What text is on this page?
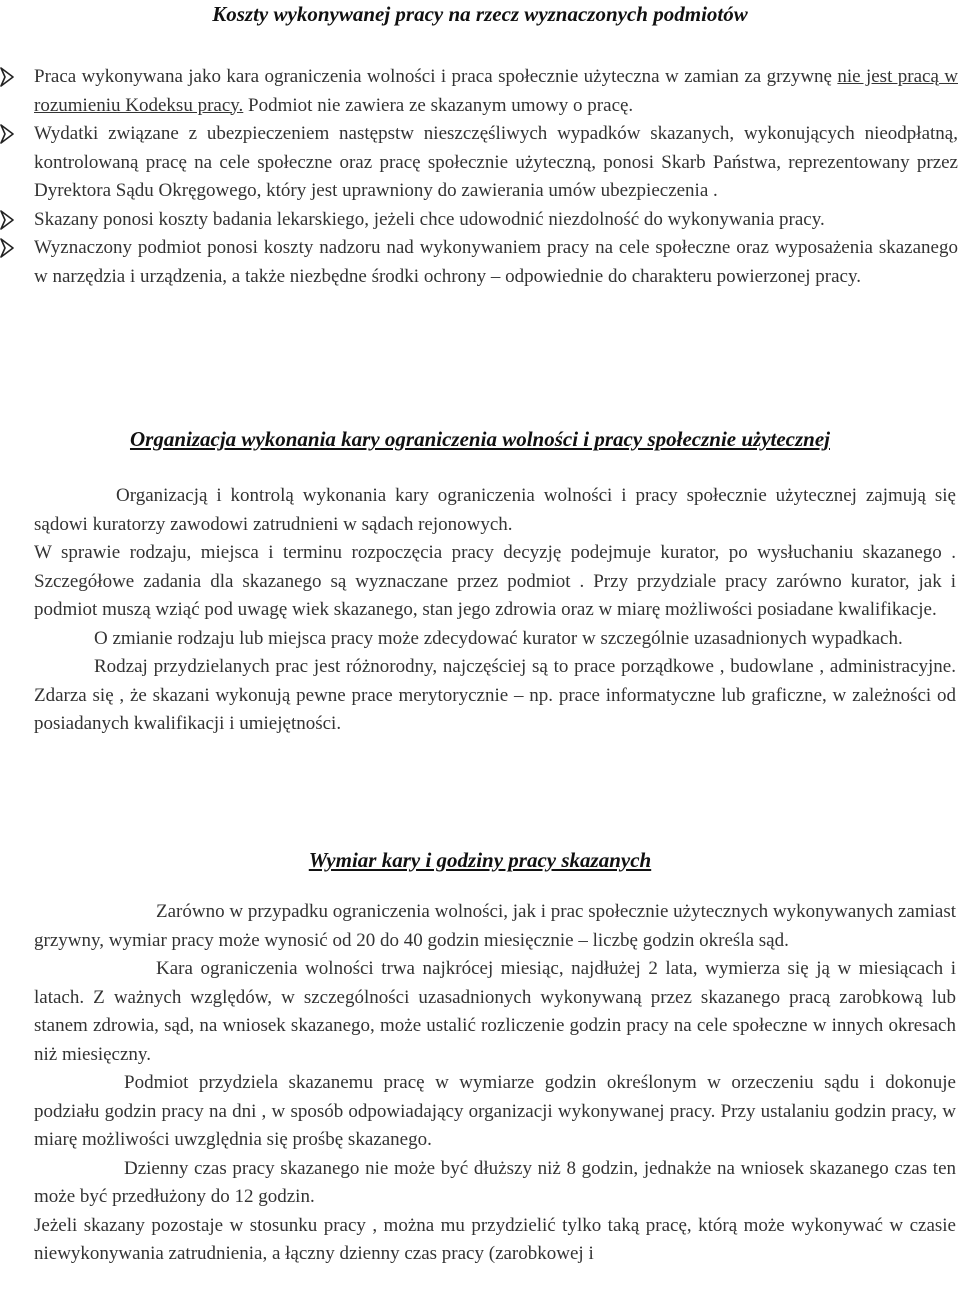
Koszty wykonywanej pracy na rzecz wyznaczonych podmiotów
Praca wykonywana jako kara ograniczenia wolności i praca społecznie użyteczna w zamian za grzywnę nie jest pracą w rozumieniu Kodeksu pracy. Podmiot nie zawiera ze skazanym umowy o pracę.
Wydatki związane z ubezpieczeniem następstw nieszczęśliwych wypadków skazanych, wykonujących nieodpłatną, kontrolowaną pracę na cele społeczne oraz pracę społecznie użyteczną, ponosi Skarb Państwa, reprezentowany przez Dyrektora Sądu Okręgowego, który jest uprawniony do zawierania umów ubezpieczenia .
Skazany ponosi koszty badania lekarskiego, jeżeli chce udowodnić niezdolność do wykonywania pracy.
Wyznaczony podmiot ponosi koszty nadzoru nad wykonywaniem pracy na cele społeczne oraz wyposażenia skazanego w narzędzia i urządzenia, a także niezbędne środki ochrony – odpowiednie do charakteru powierzonej pracy.
Organizacja wykonania kary ograniczenia wolności i pracy społecznie użytecznej

Organizacją i kontrolą wykonania kary ograniczenia wolności i pracy społecznie użytecznej zajmują się sądowi kuratorzy zawodowi zatrudnieni w sądach rejonowych.

W sprawie rodzaju, miejsca i terminu rozpoczęcia pracy decyzję podejmuje kurator, po wysłuchaniu skazanego . Szczegółowe zadania dla skazanego są wyznaczane przez podmiot . Przy przydziale pracy zarówno kurator, jak i podmiot muszą wziąć pod uwagę wiek skazanego, stan jego zdrowia oraz w miarę możliwości posiadane kwalifikacje.

O zmianie rodzaju lub miejsca pracy może zdecydować kurator w szczególnie uzasadnionych wypadkach.

Rodzaj przydzielanych prac jest różnorodny, najczęściej są to prace porządkowe , budowlane , administracyjne. Zdarza się , że skazani wykonują pewne prace merytorycznie – np. prace informatyczne lub graficzne, w zależności od posiadanych kwalifikacji i umiejętności.

Wymiar kary i godziny pracy skazanych

Zarówno w przypadku ograniczenia wolności, jak i prac społecznie użytecznych wykonywanych zamiast grzywny, wymiar pracy może wynosić od 20 do 40 godzin miesięcznie – liczbę godzin określa sąd.

Kara ograniczenia wolności trwa najkrócej miesiąc, najdłużej 2 lata, wymierza się ją w miesiącach i latach. Z ważnych względów, w szczególności uzasadnionych wykonywaną przez skazanego pracą zarobkową lub stanem zdrowia, sąd, na wniosek skazanego, może ustalić rozliczenie godzin pracy na cele społeczne w innych okresach niż miesięczny.

Podmiot przydziela skazanemu pracę w wymiarze godzin określonym w orzeczeniu sądu i dokonuje podziału godzin pracy na dni , w sposób odpowiadający organizacji wykonywanej pracy. Przy ustalaniu godzin pracy, w miarę możliwości uwzględnia się prośbę skazanego.

Dzienny czas pracy skazanego nie może być dłuższy niż 8 godzin, jednakże na wniosek skazanego czas ten może być przedłużony do 12 godzin.

Jeżeli skazany pozostaje w stosunku pracy , można mu przydzielić tylko taką pracę, którą może wykonywać w czasie niewykonywania zatrudnienia, a łączny dzienny czas pracy (zarobkowej i
